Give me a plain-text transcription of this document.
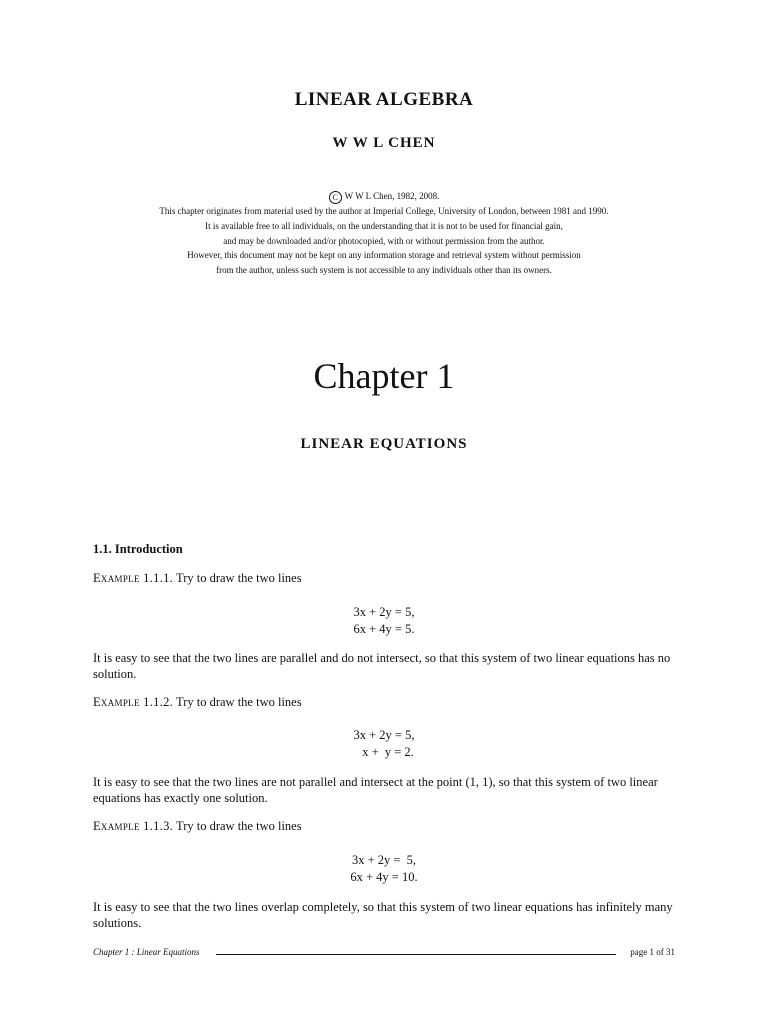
LINEAR ALGEBRA
W W L CHEN
C W W L Chen, 1982, 2008.
This chapter originates from material used by the author at Imperial College, University of London, between 1981 and 1990.
It is available free to all individuals, on the understanding that it is not to be used for financial gain,
and may be downloaded and/or photocopied, with or without permission from the author.
However, this document may not be kept on any information storage and retrieval system without permission
from the author, unless such system is not accessible to any individuals other than its owners.
Chapter 1
LINEAR EQUATIONS
1.1. Introduction
Example 1.1.1. Try to draw the two lines
3x + 2y = 5,
6x + 4y = 5.
It is easy to see that the two lines are parallel and do not intersect, so that this system of two linear equations has no solution.
Example 1.1.2. Try to draw the two lines
3x + 2y = 5,
x +  y = 2.
It is easy to see that the two lines are not parallel and intersect at the point (1, 1), so that this system of two linear equations has exactly one solution.
Example 1.1.3. Try to draw the two lines
3x + 2y =  5,
6x + 4y = 10.
It is easy to see that the two lines overlap completely, so that this system of two linear equations has infinitely many solutions.
Chapter 1 : Linear Equations	page 1 of 31
